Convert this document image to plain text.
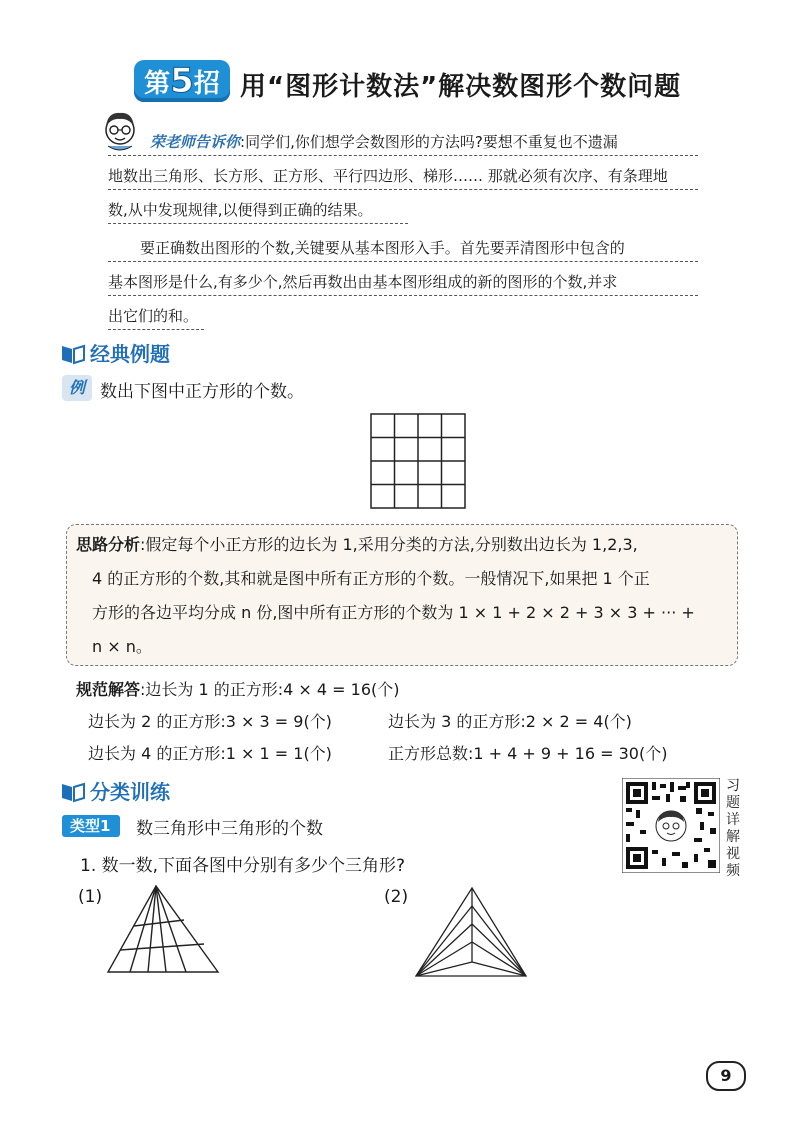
第5招 用“图形计数法”解决数图形个数问题
荣老师告诉你:同学们,你们想学会数图形的方法吗?要想不重复也不遗漏
地数出三角形、长方形、正方形、平行四边形、梯形…… 那就必须有次序、有条理地
数,从中发现规律,以便得到正确的结果。
要正确数出图形的个数,关键要从基本图形入手。首先要弄清图形中包含的
基本图形是什么,有多少个,然后再数出由基本图形组成的新的图形的个数,并求
出它们的和。
经典例题
例 数出下图中正方形的个数。
思路分析:假定每个小正方形的边长为 1,采用分类的方法,分别数出边长为 1,2,3,
4 的正方形的个数,其和就是图中所有正方形的个数。一般情况下,如果把 1 个正
方形的各边平均分成 n 份,图中所有正方形的个数为 1 × 1 + 2 × 2 + 3 × 3 + ··· +
n × n。
规范解答:边长为 1 的正方形:4 × 4 = 16(个)
边长为 2 的正方形:3 × 3 = 9(个)	边长为 3 的正方形:2 × 2 = 4(个)
边长为 4 的正方形:1 × 1 = 1(个)	正方形总数:1 + 4 + 9 + 16 = 30(个)
分类训练
类型1	数三角形中三角形的个数
习题详解视频
1. 数一数,下面各图中分别有多少个三角形?
(1)	(2)
9
